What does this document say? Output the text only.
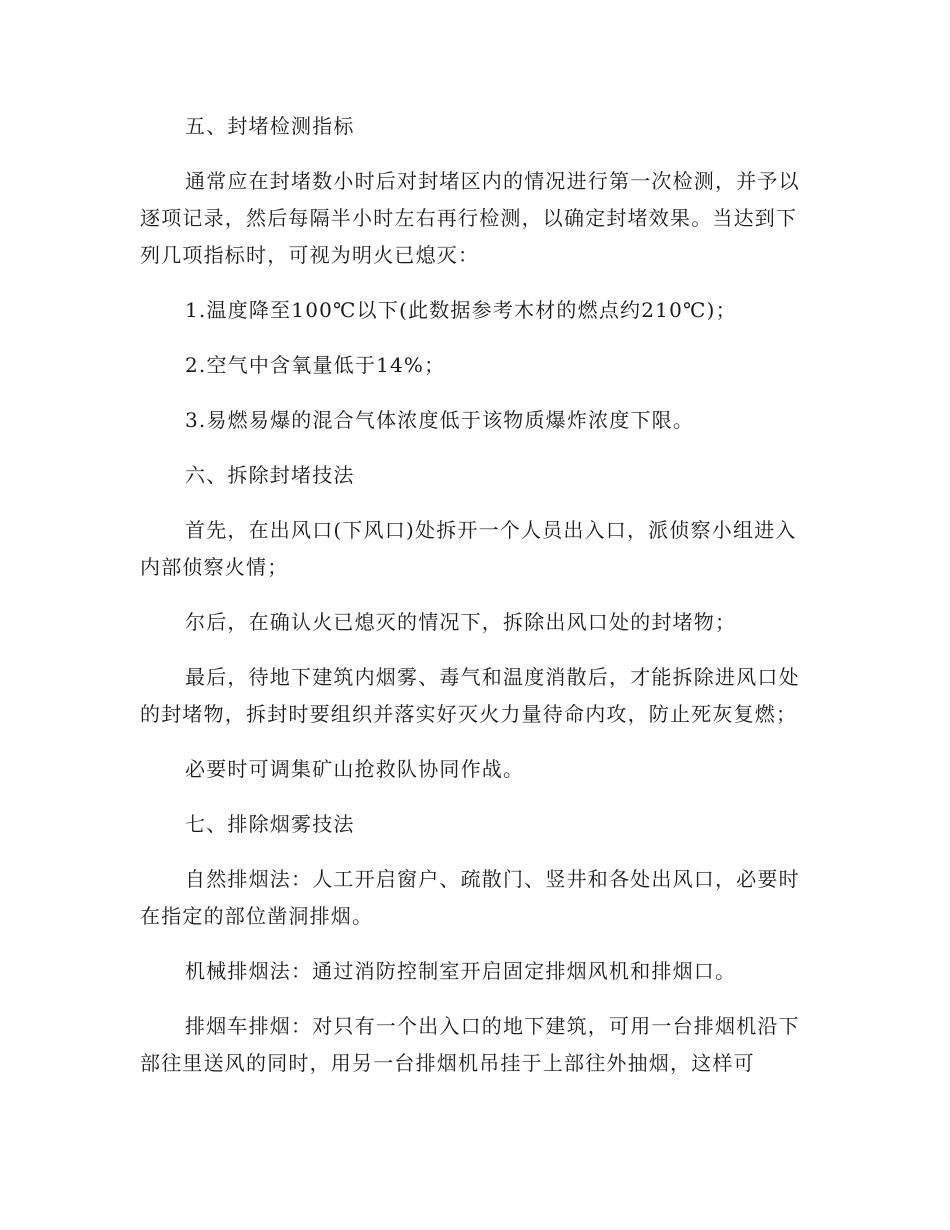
五、封堵检测指标

通常应在封堵数小时后对封堵区内的情况进行第一次检测，并予以逐项记录，然后每隔半小时左右再行检测，以确定封堵效果。当达到下列几项指标时，可视为明火已熄灭：

1.温度降至100℃以下(此数据参考木材的燃点约210℃)；

2.空气中含氧量低于14%；

3.易燃易爆的混合气体浓度低于该物质爆炸浓度下限。

六、拆除封堵技法

首先，在出风口(下风口)处拆开一个人员出入口，派侦察小组进入内部侦察火情；

尔后，在确认火已熄灭的情况下，拆除出风口处的封堵物；

最后，待地下建筑内烟雾、毒气和温度消散后，才能拆除进风口处的封堵物，拆封时要组织并落实好灭火力量待命内攻，防止死灰复燃；

必要时可调集矿山抢救队协同作战。

七、排除烟雾技法

自然排烟法：人工开启窗户、疏散门、竖井和各处出风口，必要时在指定的部位凿洞排烟。

机械排烟法：通过消防控制室开启固定排烟风机和排烟口。

排烟车排烟：对只有一个出入口的地下建筑，可用一台排烟机沿下部往里送风的同时，用另一台排烟机吊挂于上部往外抽烟，这样可
